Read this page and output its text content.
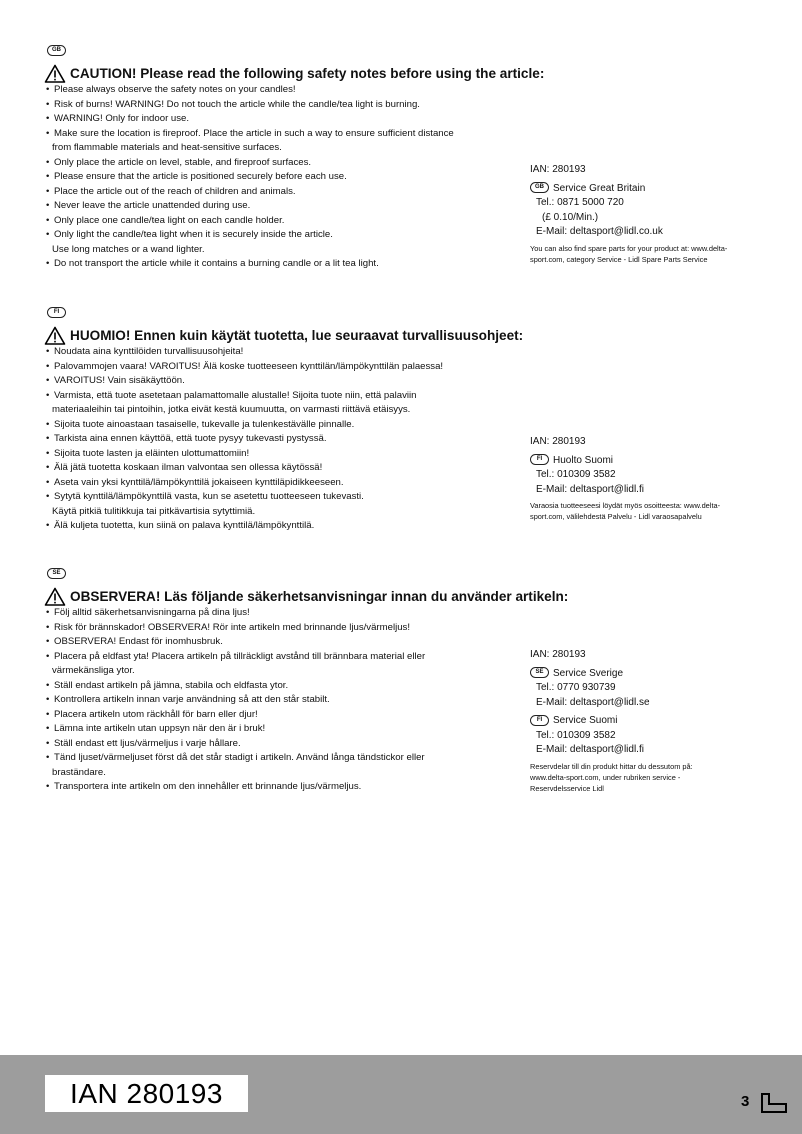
GB
CAUTION! Please read the following safety notes before using the article:
• Please always observe the safety notes on your candles!
• Risk of burns! WARNING! Do not touch the article while the candle/tea light is burning.
• WARNING! Only for indoor use.
• Make sure the location is fireproof. Place the article in such a way to ensure sufficient distance
from flammable materials and heat-sensitive surfaces.
• Only place the article on level, stable, and fireproof surfaces.
• Please ensure that the article is positioned securely before each use.
• Place the article out of the reach of children and animals.
• Never leave the article unattended during use.
• Only place one candle/tea light on each candle holder.
• Only light the candle/tea light when it is securely inside the article.
Use long matches or a wand lighter.
• Do not transport the article while it contains a burning candle or a lit tea light.
IAN: 280193
GB Service Great Britain
Tel.: 0871 5000 720
(£ 0.10/Min.)
E-Mail: deltasport@lidl.co.uk
You can also find spare parts for your product at: www.delta-sport.com, category Service - Lidl Spare Parts Service
FI
HUOMIO! Ennen kuin käytät tuotetta, lue seuraavat turvallisuusohjeet:
• Noudata aina kynttilöiden turvallisuusohjeita!
• Palovammojen vaara! VAROITUS! Älä koske tuotteeseen kynttilän/lämpökynttilän palaessa!
• VAROITUS! Vain sisäkäyttöön.
• Varmista, että tuote asetetaan palamattomalle alustalle! Sijoita tuote niin, että palaviin
materiaaleihin tai pintoihin, jotka eivät kestä kuumuutta, on varmasti riittävä etäisyys.
• Sijoita tuote ainoastaan tasaiselle, tukevalle ja tulenkestävälle pinnalle.
• Tarkista aina ennen käyttöä, että tuote pysyy tukevasti pystyssä.
• Sijoita tuote lasten ja eläinten ulottumattomiin!
• Älä jätä tuotetta koskaan ilman valvontaa sen ollessa käytössä!
• Aseta vain yksi kynttilä/lämpökynttilä jokaiseen kynttiläpidikkeeseen.
• Sytytä kynttilä/lämpökynttilä vasta, kun se asetettu tuotteeseen tukevasti.
Käytä pitkiä tulitikkuja tai pitkävartisia sytyttimiä.
• Älä kuljeta tuotetta, kun siinä on palava kynttilä/lämpökynttilä.
IAN: 280193
FI Huolto Suomi
Tel.: 010309 3582
E-Mail: deltasport@lidl.fi
Varaosia tuotteeseesi löydät myös osoitteesta: www.delta-sport.com, välilehdestä Palvelu - Lidl varaosapalvelu
SE
OBSERVERA! Läs följande säkerhetsanvisningar innan du använder artikeln:
• Följ alltid säkerhetsanvisningarna på dina ljus!
• Risk för brännskador! OBSERVERA! Rör inte artikeln med brinnande ljus/värmeljus!
• OBSERVERA! Endast för inomhusbruk.
• Placera på eldfast yta! Placera artikeln på tillräckligt avstånd till brännbara material eller
värmekänsliga ytor.
• Ställ endast artikeln på jämna, stabila och eldfasta ytor.
• Kontrollera artikeln innan varje användning så att den står stabilt.
• Placera artikeln utom räckhåll för barn eller djur!
• Lämna inte artikeln utan uppsyn när den är i bruk!
• Ställ endast ett ljus/värmeljus i varje hållare.
• Tänd ljuset/värmeljuset först då det står stadigt i artikeln. Använd långa tändstickor eller
braständare.
• Transportera inte artikeln om den innehåller ett brinnande ljus/värmeljus.
IAN: 280193
SE Service Sverige
Tel.: 0770 930739
E-Mail: deltasport@lidl.se
FI Service Suomi
Tel.: 010309 3582
E-Mail: deltasport@lidl.fi
Reservdelar till din produkt hittar du dessutom på: www.delta-sport.com, under rubriken service - Reservdelsservice Lidl
IAN 280193	3
